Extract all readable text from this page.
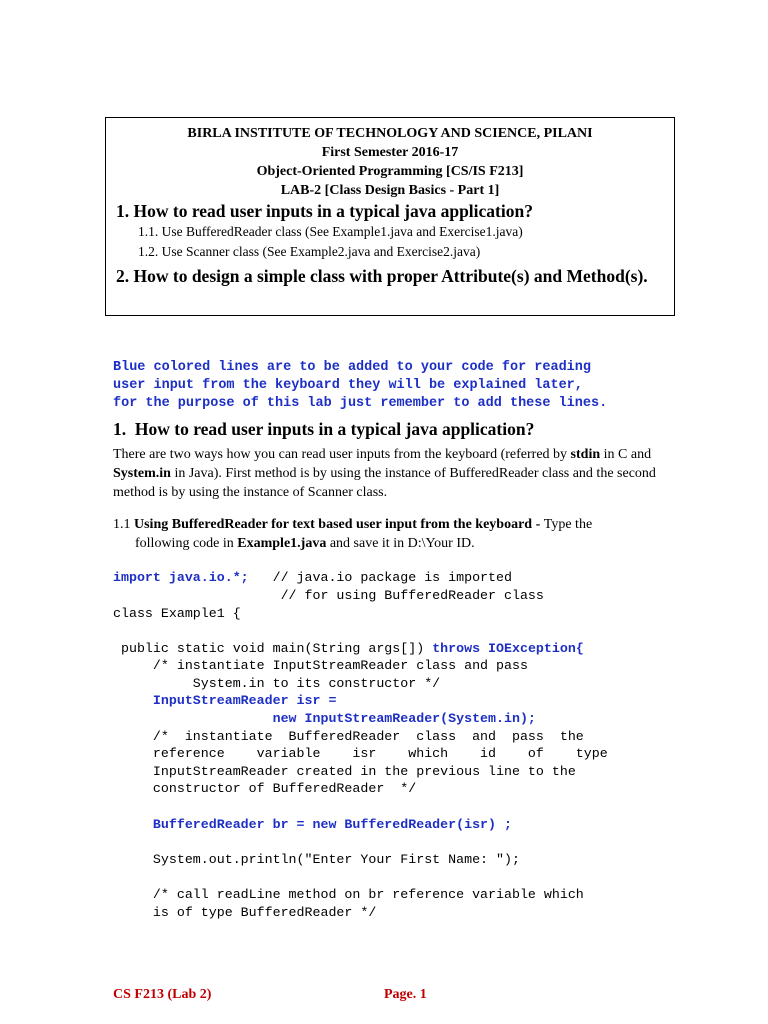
BIRLA INSTITUTE OF TECHNOLOGY AND SCIENCE, PILANI
First Semester 2016-17
Object-Oriented Programming [CS/IS F213]
LAB-2 [Class Design Basics - Part 1]
1. How to read user inputs in a typical java application?
1.1. Use BufferedReader class (See Example1.java and Exercise1.java)
1.2. Use Scanner class (See Example2.java and Exercise2.java)
2. How to design a simple class with proper Attribute(s) and Method(s).

Blue colored lines are to be added to your code for reading
user input from the keyboard they will be explained later,
for the purpose of this lab just remember to add these lines.
1.  How to read user inputs in a typical java application?
There are two ways how you can read user inputs from the keyboard (referred by stdin in C and System.in in Java). First method is by using the instance of BufferedReader class and the second method is by using the instance of Scanner class.
1.1 Using BufferedReader for text based user input from the keyboard - Type the
following code in Example1.java and save it in D:\Your ID.
import java.io.*;   // java.io package is imported
// for using BufferedReader class
class Example1 {
public static void main(String args[]) throws IOException{
/* instantiate InputStreamReader class and pass
System.in to its constructor */
InputStreamReader isr =
new InputStreamReader(System.in);
/*  instantiate  BufferedReader  class  and  pass  the
reference    variable    isr    which    id    of    type
InputStreamReader created in the previous line to the
constructor of BufferedReader  */
BufferedReader br = new BufferedReader(isr) ;
System.out.println("Enter Your First Name: ");
/* call readLine method on br reference variable which
is of type BufferedReader */
CS F213 (Lab 2)	Page. 1
